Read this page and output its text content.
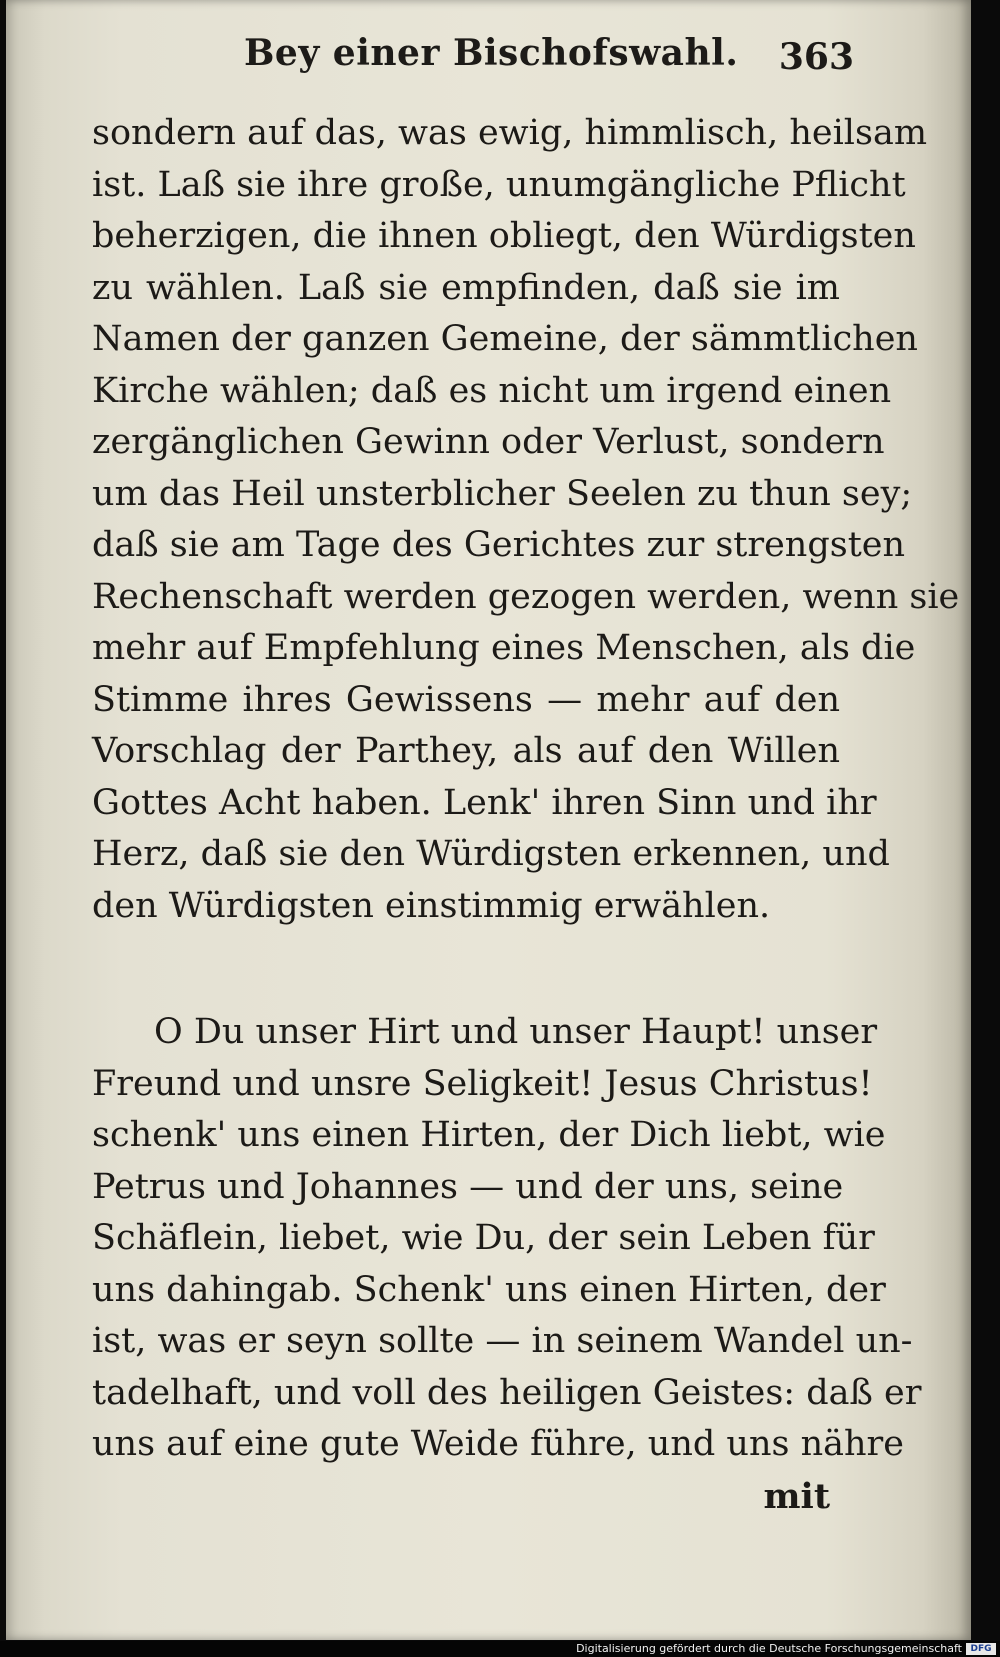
Bey einer Bischofswahl. 363
sondern auf das, was ewig, himmlisch, heilsam
ist. Laß sie ihre große, unumgängliche Pflicht
beherzigen, die ihnen obliegt, den Würdigsten
zu wählen. Laß sie empfinden, daß sie im
Namen der ganzen Gemeine, der sämmtlichen
Kirche wählen; daß es nicht um irgend einen
zergänglichen Gewinn oder Verlust, sondern
um das Heil unsterblicher Seelen zu thun sey;
daß sie am Tage des Gerichtes zur strengsten
Rechenschaft werden gezogen werden, wenn sie
mehr auf Empfehlung eines Menschen, als die
Stimme ihres Gewissens — mehr auf den
Vorschlag der Parthey, als auf den Willen
Gottes Acht haben. Lenk' ihren Sinn und ihr
Herz, daß sie den Würdigsten erkennen, und
den Würdigsten einstimmig erwählen.
O Du unser Hirt und unser Haupt! unser
Freund und unsre Seligkeit! Jesus Christus!
schenk' uns einen Hirten, der Dich liebt, wie
Petrus und Johannes — und der uns, seine
Schäflein, liebet, wie Du, der sein Leben für
uns dahingab. Schenk' uns einen Hirten, der
ist, was er seyn sollte — in seinem Wandel un-
tadelhaft, und voll des heiligen Geistes: daß er
uns auf eine gute Weide führe, und uns nähre
mit
Digitalisierung gefördert durch die Deutsche Forschungsgemeinschaft DFG
